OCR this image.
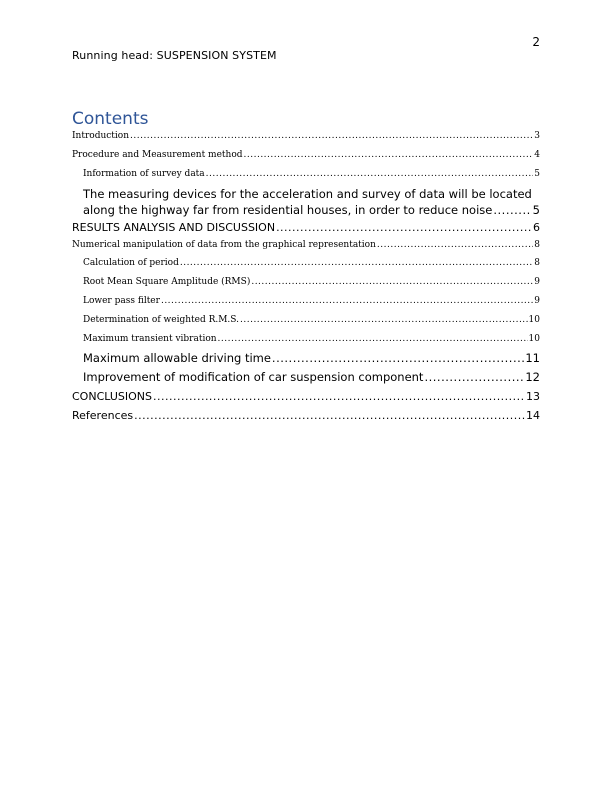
2
Running head: SUSPENSION SYSTEM
Contents
Introduction .....	3
Procedure and Measurement method .....	4
Information of survey data .....	5
The measuring devices for the acceleration and survey of data will be located
along the highway far from residential houses, in order to reduce noise .....	5
RESULTS ANALYSIS AND DISCUSSION .....	6
Numerical manipulation of data from the graphical representation .....	8
Calculation of period .....	8
Root Mean Square Amplitude (RMS) .....	9
Lower pass filter .....	9
Determination of weighted R.M.S. .....	10
Maximum transient vibration .....	10
Maximum allowable driving time .....	11
Improvement of modification of car suspension component .....	12
CONCLUSIONS .....	13
References .....	14
